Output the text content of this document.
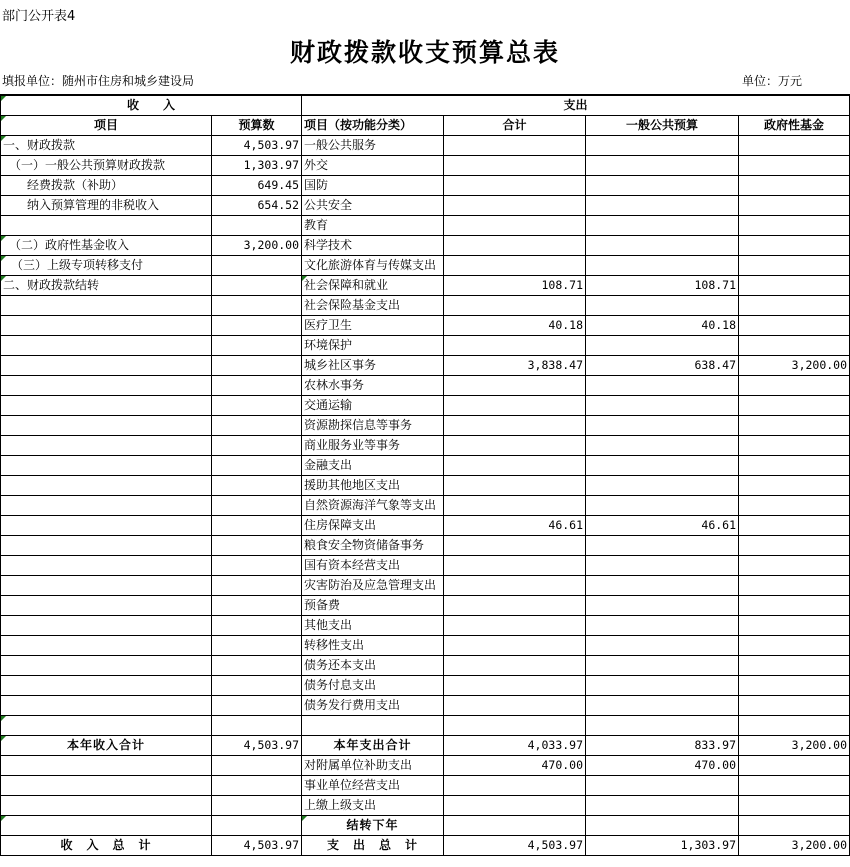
部门公开表4
财政拨款收支预算总表
填报单位：随州市住房和城乡建设局	单位：万元
收　　入		支出			
项目	预算数	项目（按功能分类）	合计	一般公共预算	政府性基金
一、财政拨款	4,503.97	一般公共服务			
（一）一般公共预算财政拨款	1,303.97	外交			
经费拨款（补助）	649.45	国防			
纳入预算管理的非税收入	654.52	公共安全			
		教育			
（二）政府性基金收入	3,200.00	科学技术			
（三）上级专项转移支付		文化旅游体育与传媒支出			
二、财政拨款结转		社会保障和就业	108.71	108.71	
		社会保险基金支出			
		医疗卫生	40.18	40.18	
		环境保护			
		城乡社区事务	3,838.47	638.47	3,200.00
		农林水事务			
		交通运输			
		资源勘探信息等事务			
		商业服务业等事务			
		金融支出			
		援助其他地区支出			
		自然资源海洋气象等支出			
		住房保障支出	46.61	46.61	
		粮食安全物资储备事务			
		国有资本经营支出			
		灾害防治及应急管理支出			
		预备费			
		其他支出			
		转移性支出			
		债务还本支出			
		债务付息支出			
		债务发行费用支出			

本年收入合计	4,503.97	本年支出合计	4,033.97	833.97	3,200.00
		对附属单位补助支出	470.00	470.00	
		事业单位经营支出			
		上缴上级支出			
		结转下年			
收　入　总　计	4,503.97	支　出　总　计	4,503.97	1,303.97	3,200.00
